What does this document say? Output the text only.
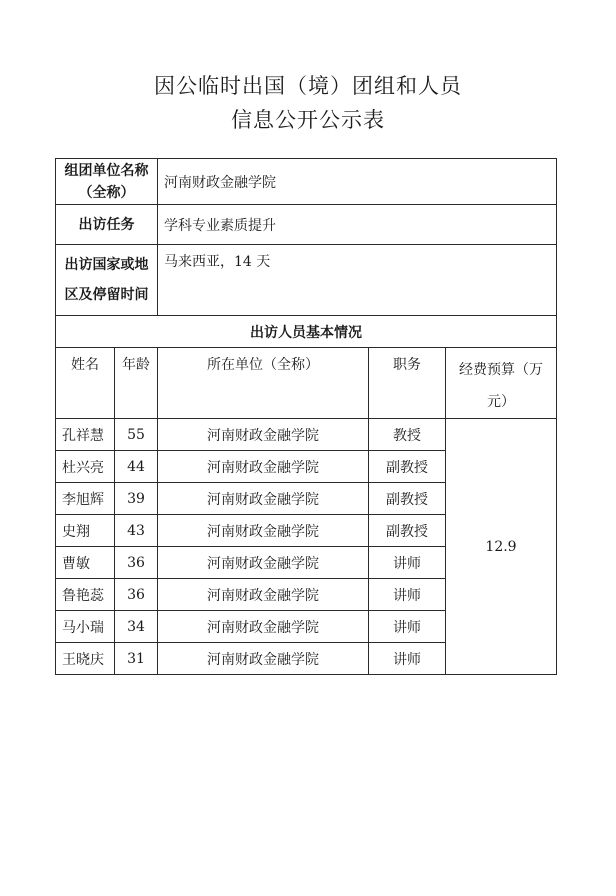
因公临时出国（境）团组和人员
信息公开公示表
组团单位名称
（全称）		河南财政金融学院		
出访任务		学科专业素质提升		

出访国家或地
区及停留时间		马来西亚，14 天		
出访人员基本情况				
姓名	年龄	所在单位（全称）	职务	经费预算（万
元）

孔祥慧	55	河南财政金融学院	教授	12.9
杜兴亮	44	河南财政金融学院	副教授	
李旭辉	39	河南财政金融学院	副教授	
史翔	43	河南财政金融学院	副教授	
曹敏	36	河南财政金融学院	讲师	
鲁艳蕊	36	河南财政金融学院	讲师	
马小瑞	34	河南财政金融学院	讲师	
王晓庆	31	河南财政金融学院	讲师	
